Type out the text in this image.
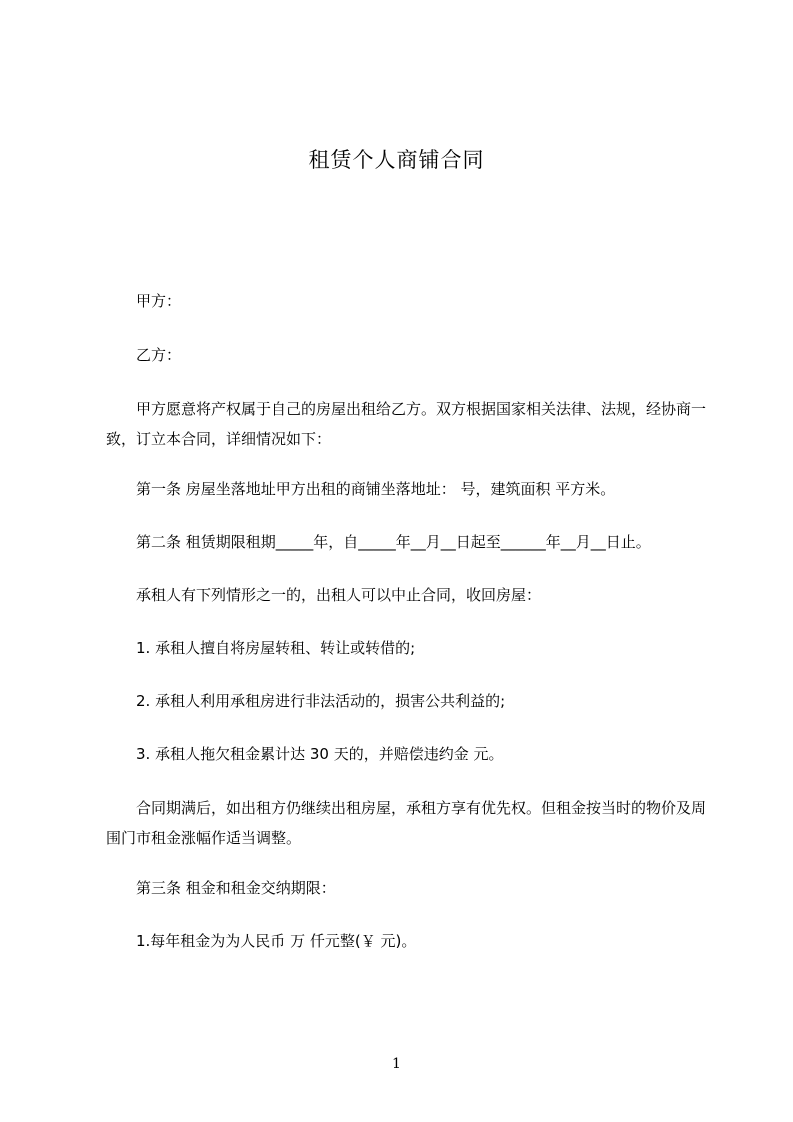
租赁个人商铺合同
甲方：
乙方：
甲方愿意将产权属于自己的房屋出租给乙方。双方根据国家相关法律、法规，经协商一致，订立本合同，详细情况如下：
第一条 房屋坐落地址甲方出租的商铺坐落地址： 号，建筑面积 平方米。
第二条 租赁期限租期_____年，自_____年__月__日起至______年__月__日止。
承租人有下列情形之一的，出租人可以中止合同，收回房屋：
1. 承租人擅自将房屋转租、转让或转借的;
2. 承租人利用承租房进行非法活动的，损害公共利益的;
3. 承租人拖欠租金累计达 30 天的，并赔偿违约金 元。
合同期满后，如出租方仍继续出租房屋，承租方享有优先权。但租金按当时的物价及周围门市租金涨幅作适当调整。
第三条 租金和租金交纳期限：
1.每年租金为为人民币 万 仟元整(￥ 元)。
1
